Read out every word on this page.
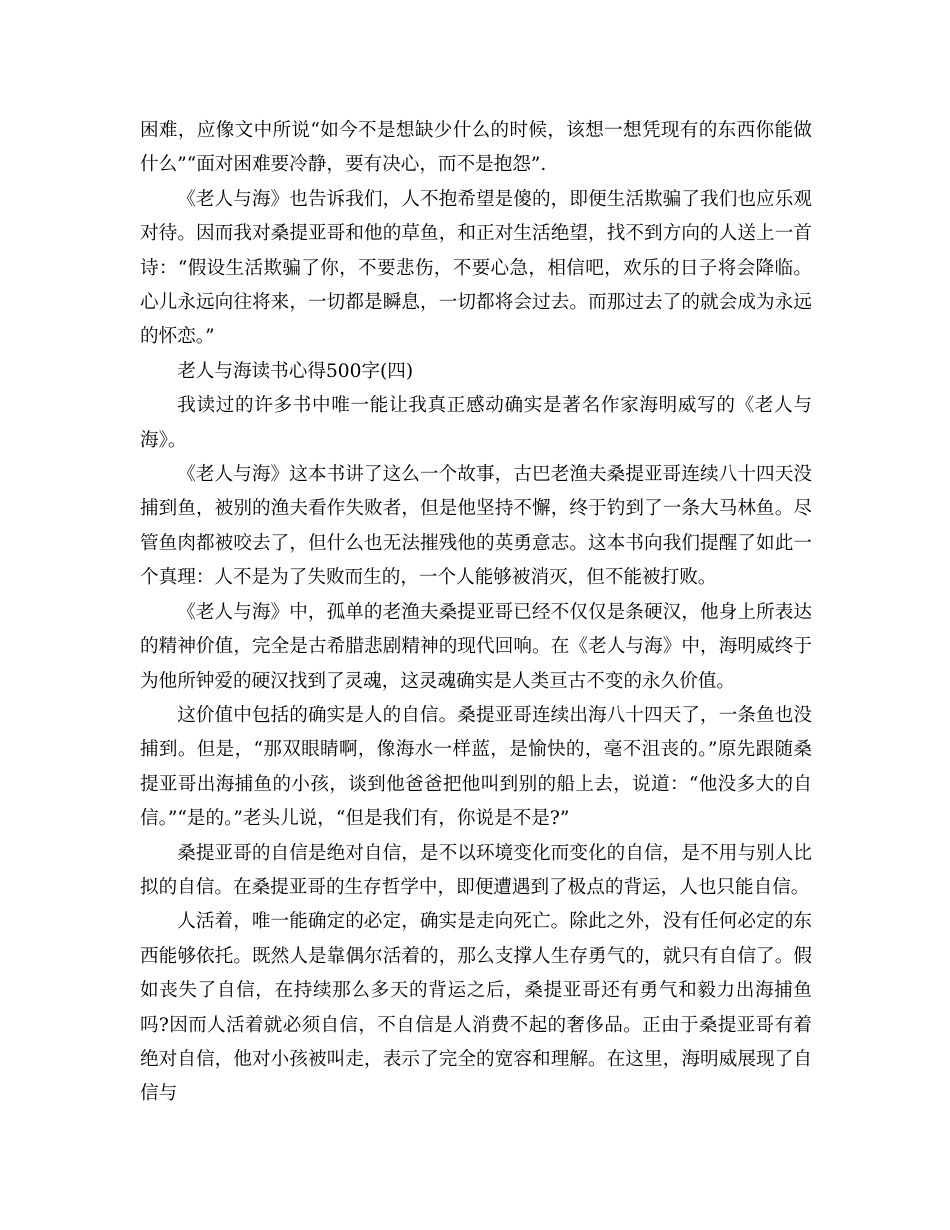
困难，应像文中所说“如今不是想缺少什么的时候，该想一想凭现有的东西你能做什么”“面对困难要冷静，要有决心，而不是抱怨”.

《老人与海》也告诉我们，人不抱希望是傻的，即便生活欺骗了我们也应乐观对待。因而我对桑提亚哥和他的草鱼，和正对生活绝望，找不到方向的人送上一首诗：“假设生活欺骗了你，不要悲伤，不要心急，相信吧，欢乐的日子将会降临。心儿永远向往将来，一切都是瞬息，一切都将会过去。而那过去了的就会成为永远的怀恋。”

老人与海读书心得500字(四)

我读过的许多书中唯一能让我真正感动确实是著名作家海明威写的《老人与海》。

《老人与海》这本书讲了这么一个故事，古巴老渔夫桑提亚哥连续八十四天没捕到鱼，被别的渔夫看作失败者，但是他坚持不懈，终于钓到了一条大马林鱼。尽管鱼肉都被咬去了，但什么也无法摧残他的英勇意志。这本书向我们提醒了如此一个真理：人不是为了失败而生的，一个人能够被消灭，但不能被打败。

《老人与海》中，孤单的老渔夫桑提亚哥已经不仅仅是条硬汉，他身上所表达的精神价值，完全是古希腊悲剧精神的现代回响。在《老人与海》中，海明威终于为他所钟爱的硬汉找到了灵魂，这灵魂确实是人类亘古不变的永久价值。

这价值中包括的确实是人的自信。桑提亚哥连续出海八十四天了，一条鱼也没捕到。但是，“那双眼睛啊，像海水一样蓝，是愉快的，毫不沮丧的。”原先跟随桑提亚哥出海捕鱼的小孩，谈到他爸爸把他叫到别的船上去，说道：“他没多大的自信。”“是的。”老头儿说，“但是我们有，你说是不是?”

桑提亚哥的自信是绝对自信，是不以环境变化而变化的自信，是不用与别人比拟的自信。在桑提亚哥的生存哲学中，即便遭遇到了极点的背运，人也只能自信。

人活着，唯一能确定的必定，确实是走向死亡。除此之外，没有任何必定的东西能够依托。既然人是靠偶尔活着的，那么支撑人生存勇气的，就只有自信了。假如丧失了自信，在持续那么多天的背运之后，桑提亚哥还有勇气和毅力出海捕鱼吗?因而人活着就必须自信，不自信是人消费不起的奢侈品。正由于桑提亚哥有着绝对自信，他对小孩被叫走，表示了完全的宽容和理解。在这里，海明威展现了自信与
